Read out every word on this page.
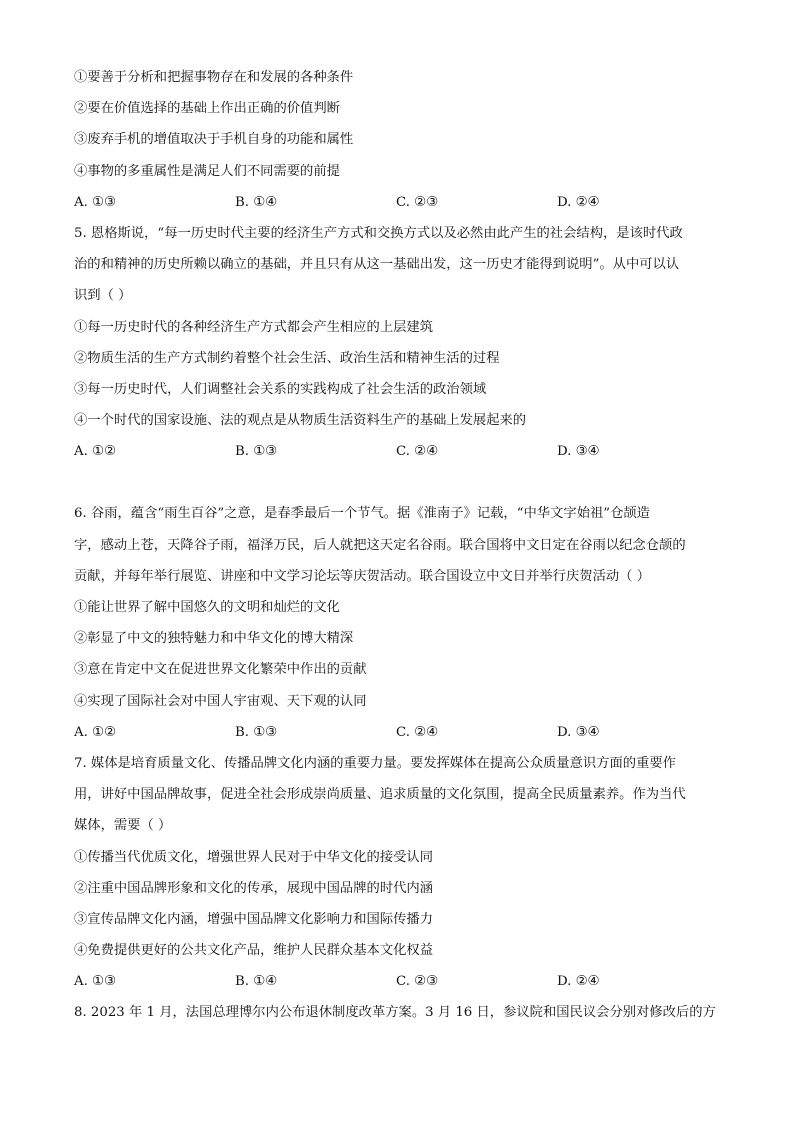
①要善于分析和把握事物存在和发展的各种条件
②要在价值选择的基础上作出正确的价值判断
③废弃手机的增值取决于手机自身的功能和属性
④事物的多重属性是满足人们不同需要的前提
A. ①③	B. ①④	C. ②③	D. ②④
5. 恩格斯说，“每一历史时代主要的经济生产方式和交换方式以及必然由此产生的社会结构，是该时代政
治的和精神的历史所赖以确立的基础，并且只有从这一基础出发，这一历史才能得到说明”。从中可以认
识到（ ）
①每一历史时代的各种经济生产方式都会产生相应的上层建筑
②物质生活的生产方式制约着整个社会生活、政治生活和精神生活的过程
③每一历史时代，人们调整社会关系的实践构成了社会生活的政治领域
④一个时代的国家设施、法的观点是从物质生活资料生产的基础上发展起来的
A. ①②	B. ①③	C. ②④	D. ③④
6. 谷雨，蕴含“雨生百谷”之意，是春季最后一个节气。据《淮南子》记载，“中华文字始祖”仓颉造
字，感动上苍，天降谷子雨，福泽万民，后人就把这天定名谷雨。联合国将中文日定在谷雨以纪念仓颉的
贡献，并每年举行展览、讲座和中文学习论坛等庆贺活动。联合国设立中文日并举行庆贺活动（ ）
①能让世界了解中国悠久的文明和灿烂的文化
②彰显了中文的独特魅力和中华文化的博大精深
③意在肯定中文在促进世界文化繁荣中作出的贡献
④实现了国际社会对中国人宇宙观、天下观的认同
A. ①②	B. ①③	C. ②④	D. ③④
7. 媒体是培育质量文化、传播品牌文化内涵的重要力量。要发挥媒体在提高公众质量意识方面的重要作
用，讲好中国品牌故事，促进全社会形成崇尚质量、追求质量的文化氛围，提高全民质量素养。作为当代
媒体，需要（ ）
①传播当代优质文化，增强世界人民对于中华文化的接受认同
②注重中国品牌形象和文化的传承，展现中国品牌的时代内涵
③宣传品牌文化内涵，增强中国品牌文化影响力和国际传播力
④免费提供更好的公共文化产品，维护人民群众基本文化权益
A. ①③	B. ①④	C. ②③	D. ②④
8. 2023 年 1 月，法国总理博尔内公布退休制度改革方案。3 月 16 日，参议院和国民议会分别对修改后的方
